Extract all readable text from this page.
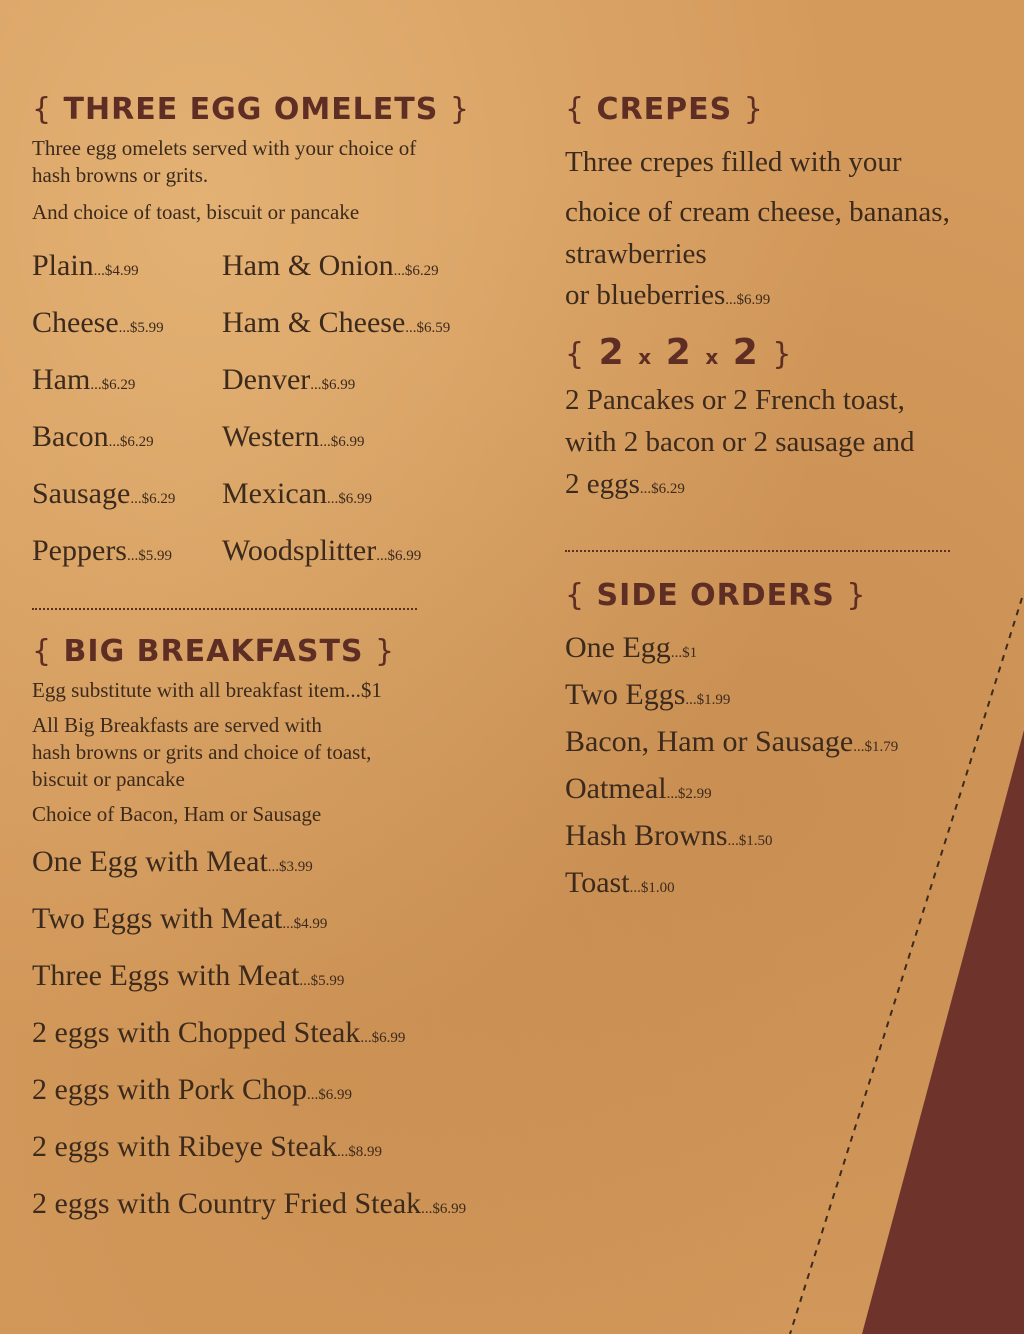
{ THREE EGG OMELETS }

Three egg omelets served with your choice of

hash browns or grits.

And choice of toast, biscuit or pancake

Plain...$4.99
Cheese...$5.99
Ham...$6.29
Bacon...$6.29
Sausage...$6.29
Peppers...$5.99
Ham & Onion...$6.29
Ham & Cheese...$6.59
Denver...$6.99
Western...$6.99
Mexican...$6.99
Woodsplitter...$6.99
{ BIG BREAKFASTS }

Egg substitute with all breakfast item...$1

All Big Breakfasts are served with

hash browns or grits and choice of toast,

biscuit or pancake

Choice of Bacon, Ham or Sausage

One Egg with Meat...$3.99
Two Eggs with Meat...$4.99
Three Eggs with Meat...$5.99
2 eggs with Chopped Steak...$6.99
2 eggs with Pork Chop...$6.99
2 eggs with Ribeye Steak...$8.99
2 eggs with Country Fried Steak...$6.99
{ CREPES }

Three crepes filled with your

choice of cream cheese, bananas,

strawberries

or blueberries...$6.99

{ 2 x 2 x 2 }

2 Pancakes or 2 French toast,

with 2 bacon or 2 sausage and

2 eggs...$6.29

{ SIDE ORDERS }
One Egg...$1
Two Eggs...$1.99
Bacon, Ham or Sausage...$1.79
Oatmeal...$2.99
Hash Browns...$1.50
Toast...$1.00
